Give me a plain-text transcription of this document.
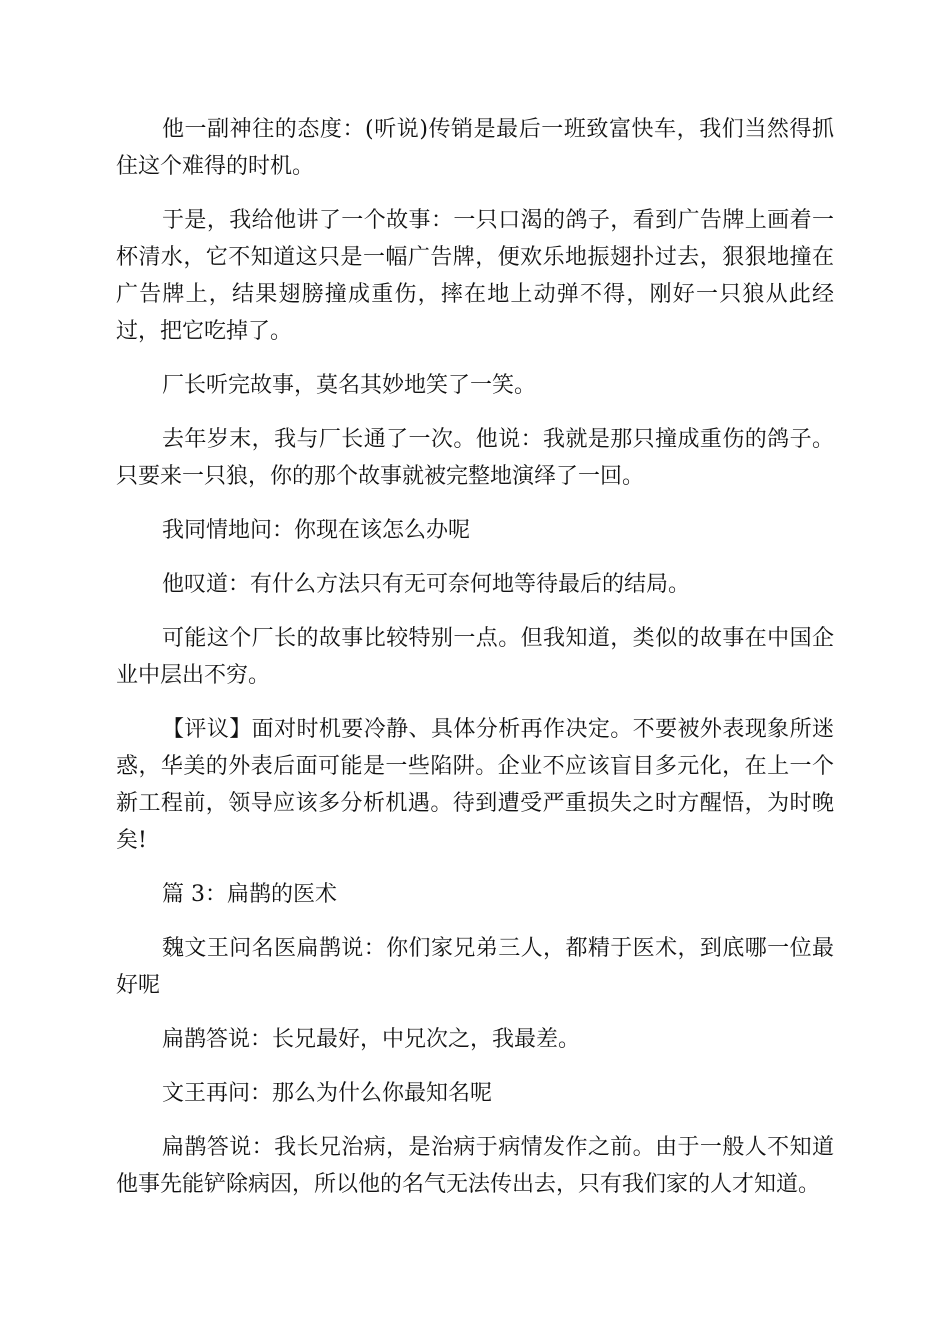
他一副神往的态度：(听说)传销是最后一班致富快车，我们当然得抓住这个难得的时机。

于是，我给他讲了一个故事：一只口渴的鸽子，看到广告牌上画着一杯清水，它不知道这只是一幅广告牌，便欢乐地振翅扑过去，狠狠地撞在广告牌上，结果翅膀撞成重伤，摔在地上动弹不得，刚好一只狼从此经过，把它吃掉了。

厂长听完故事，莫名其妙地笑了一笑。

去年岁末，我与厂长通了一次。他说：我就是那只撞成重伤的鸽子。只要来一只狼，你的那个故事就被完整地演绎了一回。

我同情地问：你现在该怎么办呢

他叹道：有什么方法只有无可奈何地等待最后的结局。

可能这个厂长的故事比较特别一点。但我知道，类似的故事在中国企业中层出不穷。

【评议】面对时机要冷静、具体分析再作决定。不要被外表现象所迷惑，华美的外表后面可能是一些陷阱。企业不应该盲目多元化，在上一个新工程前，领导应该多分析机遇。待到遭受严重损失之时方醒悟，为时晚矣!

篇 3：扁鹊的医术

魏文王问名医扁鹊说：你们家兄弟三人，都精于医术，到底哪一位最好呢

扁鹊答说：长兄最好，中兄次之，我最差。

文王再问：那么为什么你最知名呢

扁鹊答说：我长兄治病，是治病于病情发作之前。由于一般人不知道他事先能铲除病因，所以他的名气无法传出去，只有我们家的人才知道。
